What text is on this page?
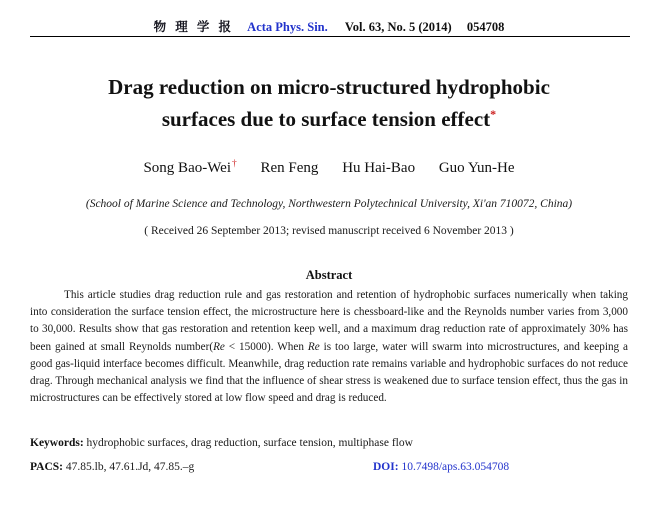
物 理 学 报 Acta Phys. Sin. Vol. 63, No. 5 (2014) 054708
Drag reduction on micro-structured hydrophobic
surfaces due to surface tension effect*
Song Bao-Wei† Ren Feng Hu Hai-Bao Guo Yun-He
(School of Marine Science and Technology, Northwestern Polytechnical University, Xi'an 710072, China)
( Received 26 September 2013; revised manuscript received 6 November 2013 )
Abstract
This article studies drag reduction rule and gas restoration and retention of hydrophobic surfaces numerically when taking into consideration the surface tension effect, the microstructure here is chessboard-like and the Reynolds number varies from 3,000 to 30,000. Results show that gas restoration and retention keep well, and a maximum drag reduction rate of approximately 30% has been gained at small Reynolds number(Re < 15000). When Re is too large, water will swarm into microstructures, and keeping a good gas-liquid interface becomes difficult. Meanwhile, drag reduction rate remains variable and hydrophobic surfaces do not reduce drag. Through mechanical analysis we find that the influence of shear stress is weakened due to surface tension effect, thus the gas in microstructures can be effectively stored at low flow speed and drag is reduced.
Keywords: hydrophobic surfaces, drag reduction, surface tension, multiphase flow
PACS: 47.85.lb, 47.61.Jd, 47.85.–g	DOI: 10.7498/aps.63.054708
